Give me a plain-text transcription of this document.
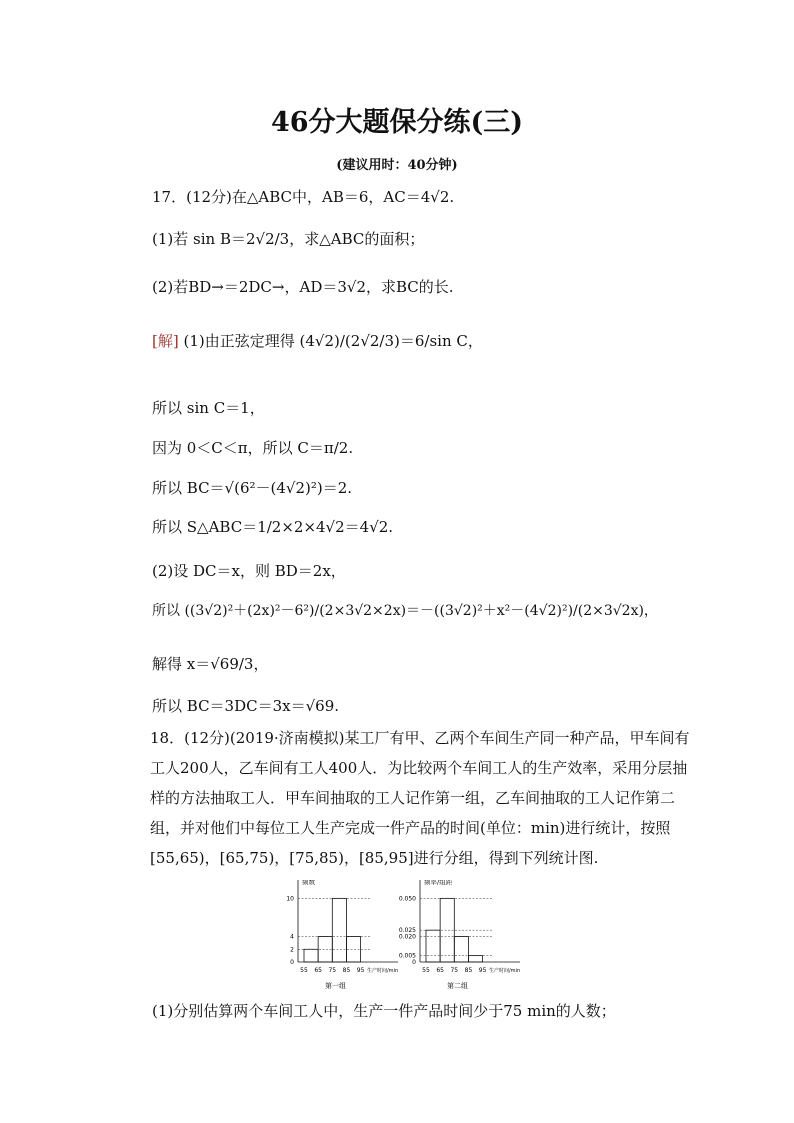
46分大题保分练(三)
(建议用时：40分钟)
17．(12分)在△ABC中，AB＝6，AC＝4√2.
(1)若 sin B＝2√2/3，求△ABC的面积；
(2)若BD→＝2DC→，AD＝3√2，求BC的长.
[解] (1)由正弦定理得 (4√2)/(2√2/3)＝6/sin C，
所以 sin C＝1，
因为 0＜C＜π，所以 C＝π/2.
所以 BC＝√(6²－(4√2)²)＝2.
所以 S△ABC＝1/2×2×4√2＝4√2.
(2)设 DC＝x，则 BD＝2x，
所以 ((3√2)²＋(2x)²－6²)/(2×3√2×2x)＝－((3√2)²＋x²－(4√2)²)/(2×3√2x)，
解得 x＝√69/3，
所以 BC＝3DC＝3x＝√69.
18．(12分)(2019·济南模拟)某工厂有甲、乙两个车间生产同一种产品，甲车间有工人200人，乙车间有工人400人．为比较两个车间工人的生产效率，采用分层抽样的方法抽取工人．甲车间抽取的工人记作第一组，乙车间抽取的工人记作第二组，并对他们中每位工人生产完成一件产品的时间(单位：min)进行统计，按照[55,65)，[65,75)，[75,85)，[85,95]进行分组，得到下列统计图.
频数
生产时间/min
0
2
4
10
55 65 75 85 95
第一组
频率/组距
生产时间/min
0
0.005
0.020
0.025
0.050
55 65 75 85 95
第二组
(1)分别估算两个车间工人中，生产一件产品时间少于75 min的人数；
